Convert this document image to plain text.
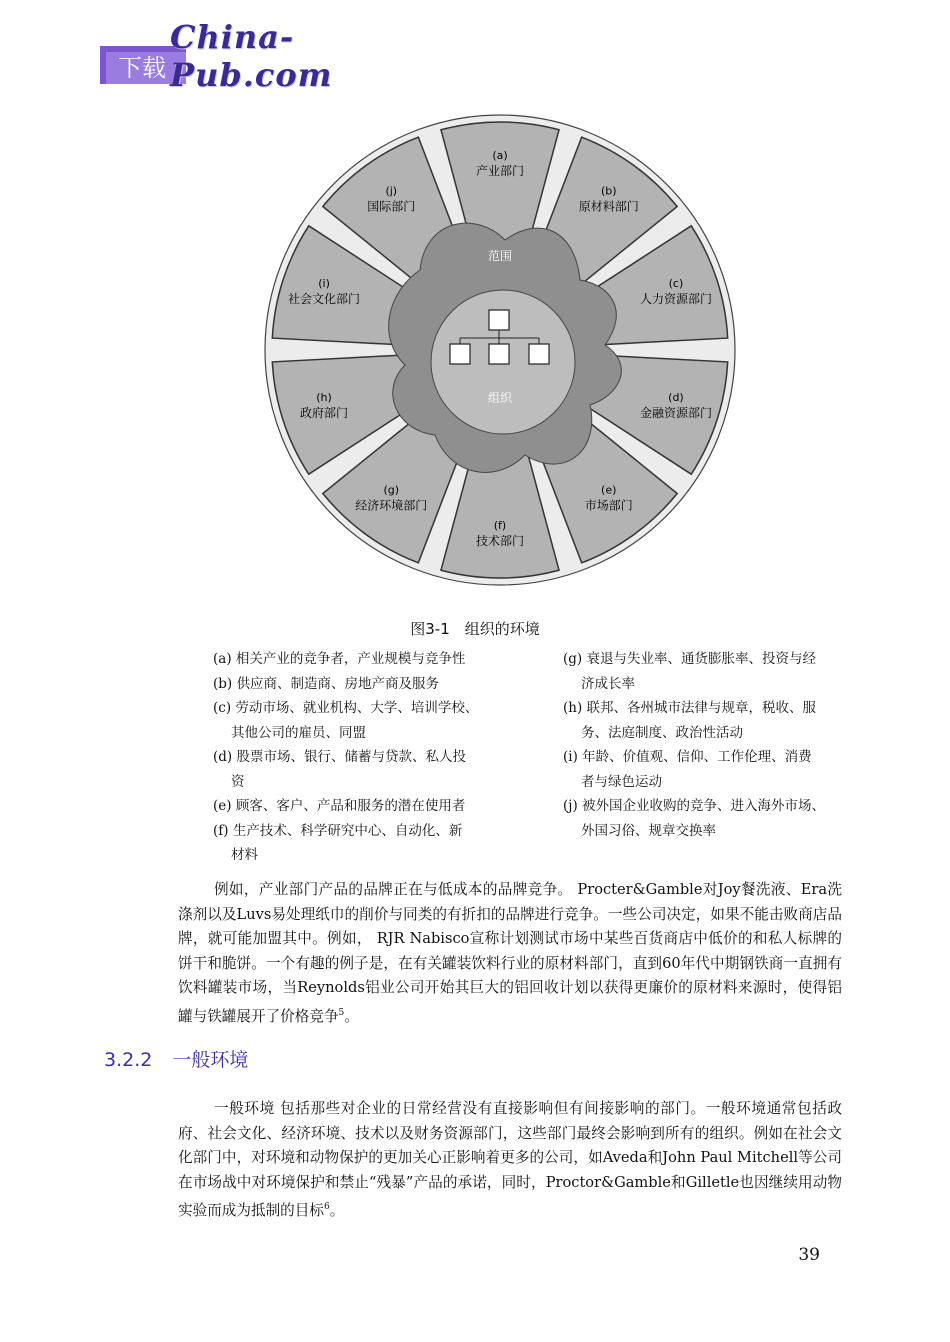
下载
China-Pub.com
范围
组织
(a)
产业部门
(b)
原材料部门
(c)
人力资源部门
(d)
金融资源部门
(e)
市场部门
(f)
技术部门
(g)
经济环境部门
(h)
政府部门
(i)
社会文化部门
(j)
国际部门
图3-1　组织的环境
(a) 相关产业的竞争者，产业规模与竞争性
(b) 供应商、制造商、房地产商及服务
(c) 劳动市场、就业机构、大学、培训学校、
其他公司的雇员、同盟
(d) 股票市场、银行、储蓄与贷款、私人投
资
(e) 顾客、客户、产品和服务的潜在使用者
(f) 生产技术、科学研究中心、自动化、新
材料
(g) 衰退与失业率、通货膨胀率、投资与经
济成长率
(h) 联邦、各州城市法律与规章，税收、服
务、法庭制度、政治性活动
(i) 年龄、价值观、信仰、工作伦理、消费
者与绿色运动
(j) 被外国企业收购的竞争、进入海外市场、
外国习俗、规章交换率
例如，产业部门产品的品牌正在与低成本的品牌竞争。 Procter&Gamble对Joy餐洗液、Era洗涤剂以及Luvs易处理纸巾的削价与同类的有折扣的品牌进行竞争。一些公司决定，如果不能击败商店品牌，就可能加盟其中。例如， RJR Nabisco宣称计划测试市场中某些百货商店中低价的和私人标牌的饼干和脆饼。一个有趣的例子是，在有关罐装饮料行业的原材料部门，直到60年代中期钢铁商一直拥有饮料罐装市场，当Reynolds铝业公司开始其巨大的铝回收计划以获得更廉价的原材料来源时，使得铝罐与铁罐展开了价格竞争$^5$。
3.2.2 一般环境
一般环境 包括那些对企业的日常经营没有直接影响但有间接影响的部门。一般环境通常包括政府、社会文化、经济环境、技术以及财务资源部门，这些部门最终会影响到所有的组织。例如在社会文化部门中，对环境和动物保护的更加关心正影响着更多的公司，如Aveda和John Paul Mitchell等公司在市场战中对环境保护和禁止“残暴”产品的承诺，同时，Proctor&Gamble和Gilletle也因继续用动物实验而成为抵制的目标$^6$。
39
